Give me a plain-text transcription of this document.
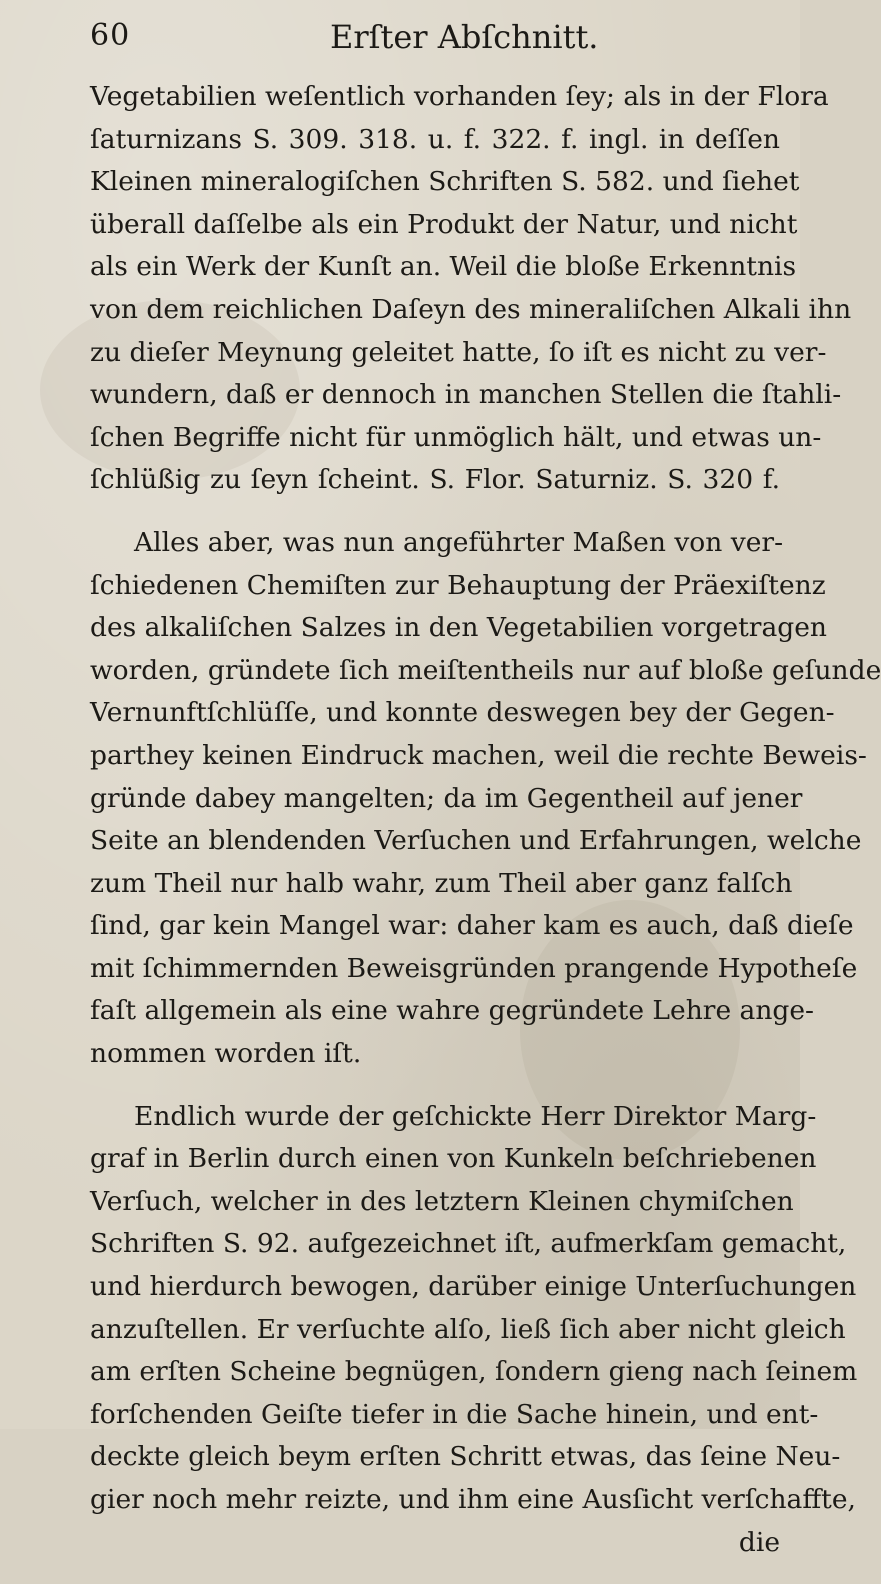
60	Erſter Abſchnitt.
Vegetabilien weſentlich vorhanden ſey; als in der Flora
ſaturnizans S. 309. 318. u. f. 322. f. ingl. in deſſen
Kleinen mineralogiſchen Schriften S. 582. und ſiehet
überall daſſelbe als ein Produkt der Natur, und nicht
als ein Werk der Kunſt an. Weil die bloße Erkenntnis
von dem reichlichen Daſeyn des mineraliſchen Alkali ihn
zu dieſer Meynung geleitet hatte, ſo iſt es nicht zu ver-
wundern, daß er dennoch in manchen Stellen die ſtahli-
ſchen Begriffe nicht für unmöglich hält, und etwas un-
ſchlüßig zu ſeyn ſcheint. S. Flor. Saturniz. S. 320 f.
Alles aber, was nun angeführter Maßen von ver-
ſchiedenen Chemiſten zur Behauptung der Präexiſtenz
des alkaliſchen Salzes in den Vegetabilien vorgetragen
worden, gründete ſich meiſtentheils nur auf bloße geſunde
Vernunftſchlüſſe, und konnte deswegen bey der Gegen-
parthey keinen Eindruck machen, weil die rechte Beweis-
gründe dabey mangelten; da im Gegentheil auf jener
Seite an blendenden Verſuchen und Erfahrungen, welche
zum Theil nur halb wahr, zum Theil aber ganz falſch
ſind, gar kein Mangel war: daher kam es auch, daß dieſe
mit ſchimmernden Beweisgründen prangende Hypotheſe
faſt allgemein als eine wahre gegründete Lehre ange-
nommen worden iſt.
Endlich wurde der geſchickte Herr Direktor Marg-
graf in Berlin durch einen von Kunkeln beſchriebenen
Verſuch, welcher in des letztern Kleinen chymiſchen
Schriften S. 92. aufgezeichnet iſt, aufmerkſam gemacht,
und hierdurch bewogen, darüber einige Unterſuchungen
anzuſtellen. Er verſuchte alſo, ließ ſich aber nicht gleich
am erſten Scheine begnügen, ſondern gieng nach ſeinem
forſchenden Geiſte tiefer in die Sache hinein, und ent-
deckte gleich beym erſten Schritt etwas, das ſeine Neu-
gier noch mehr reizte, und ihm eine Ausſicht verſchaffte,
die
